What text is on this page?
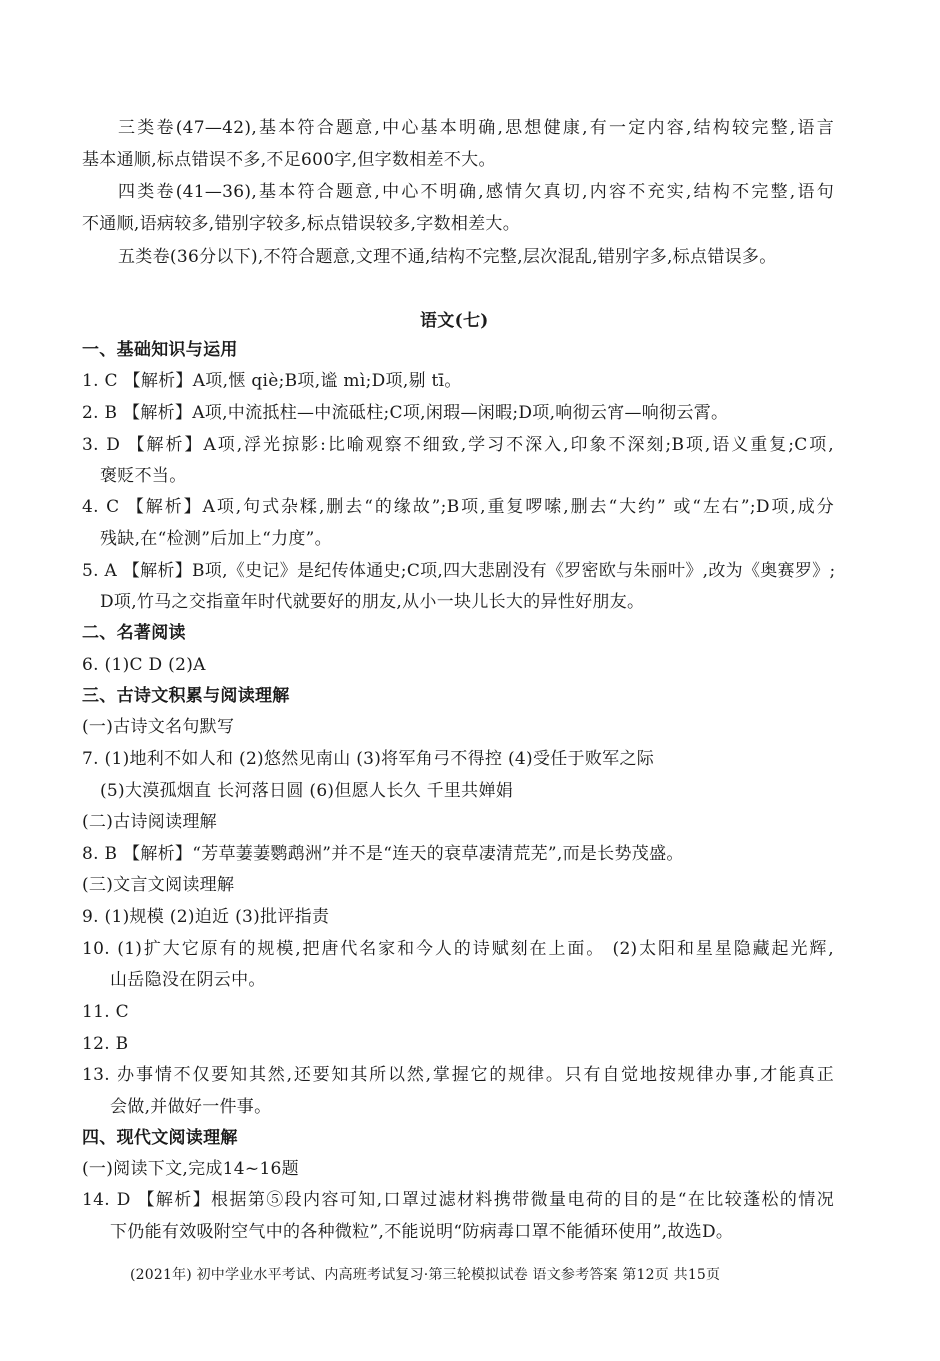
三类卷(47—42),基本符合题意,中心基本明确,思想健康,有一定内容,结构较完整,语言
基本通顺,标点错误不多,不足600字,但字数相差不大。
四类卷(41—36),基本符合题意,中心不明确,感情欠真切,内容不充实,结构不完整,语句
不通顺,语病较多,错别字较多,标点错误较多,字数相差大。
五类卷(36分以下),不符合题意,文理不通,结构不完整,层次混乱,错别字多,标点错误多。
语文(七)
一、基础知识与运用
1. C 【解析】A项,惬 qiè;B项,谧 mì;D项,剔 tī。
2. B 【解析】A项,中流抵柱—中流砥柱;C项,闲瑕—闲暇;D项,响彻云宵—响彻云霄。
3. D 【解析】A项,浮光掠影:比喻观察不细致,学习不深入,印象不深刻;B项,语义重复;C项,
褒贬不当。
4. C 【解析】A项,句式杂糅,删去“的缘故”;B项,重复啰嗦,删去“大约” 或“左右”;D项,成分
残缺,在“检测”后加上“力度”。
5. A 【解析】B项,《史记》是纪传体通史;C项,四大悲剧没有《罗密欧与朱丽叶》,改为《奥赛罗》;
D项,竹马之交指童年时代就要好的朋友,从小一块儿长大的异性好朋友。
二、名著阅读
6. (1)C D (2)A
三、古诗文积累与阅读理解
(一)古诗文名句默写
7. (1)地利不如人和 (2)悠然见南山 (3)将军角弓不得控 (4)受任于败军之际
(5)大漠孤烟直 长河落日圆 (6)但愿人长久 千里共婵娟
(二)古诗阅读理解
8. B 【解析】“芳草萋萋鹦鹉洲”并不是“连天的衰草凄清荒芜”,而是长势茂盛。
(三)文言文阅读理解
9. (1)规模 (2)迫近 (3)批评指责
10. (1)扩大它原有的规模,把唐代名家和今人的诗赋刻在上面。 (2)太阳和星星隐藏起光辉,
山岳隐没在阴云中。
11. C
12. B
13. 办事情不仅要知其然,还要知其所以然,掌握它的规律。只有自觉地按规律办事,才能真正
会做,并做好一件事。
四、现代文阅读理解
(一)阅读下文,完成14~16题
14. D 【解析】根据第⑤段内容可知,口罩过滤材料携带微量电荷的目的是“在比较蓬松的情况
下仍能有效吸附空气中的各种微粒”,不能说明“防病毒口罩不能循环使用”,故选D。
(2021年) 初中学业水平考试、内高班考试复习·第三轮模拟试卷 语文参考答案 第12页 共15页
